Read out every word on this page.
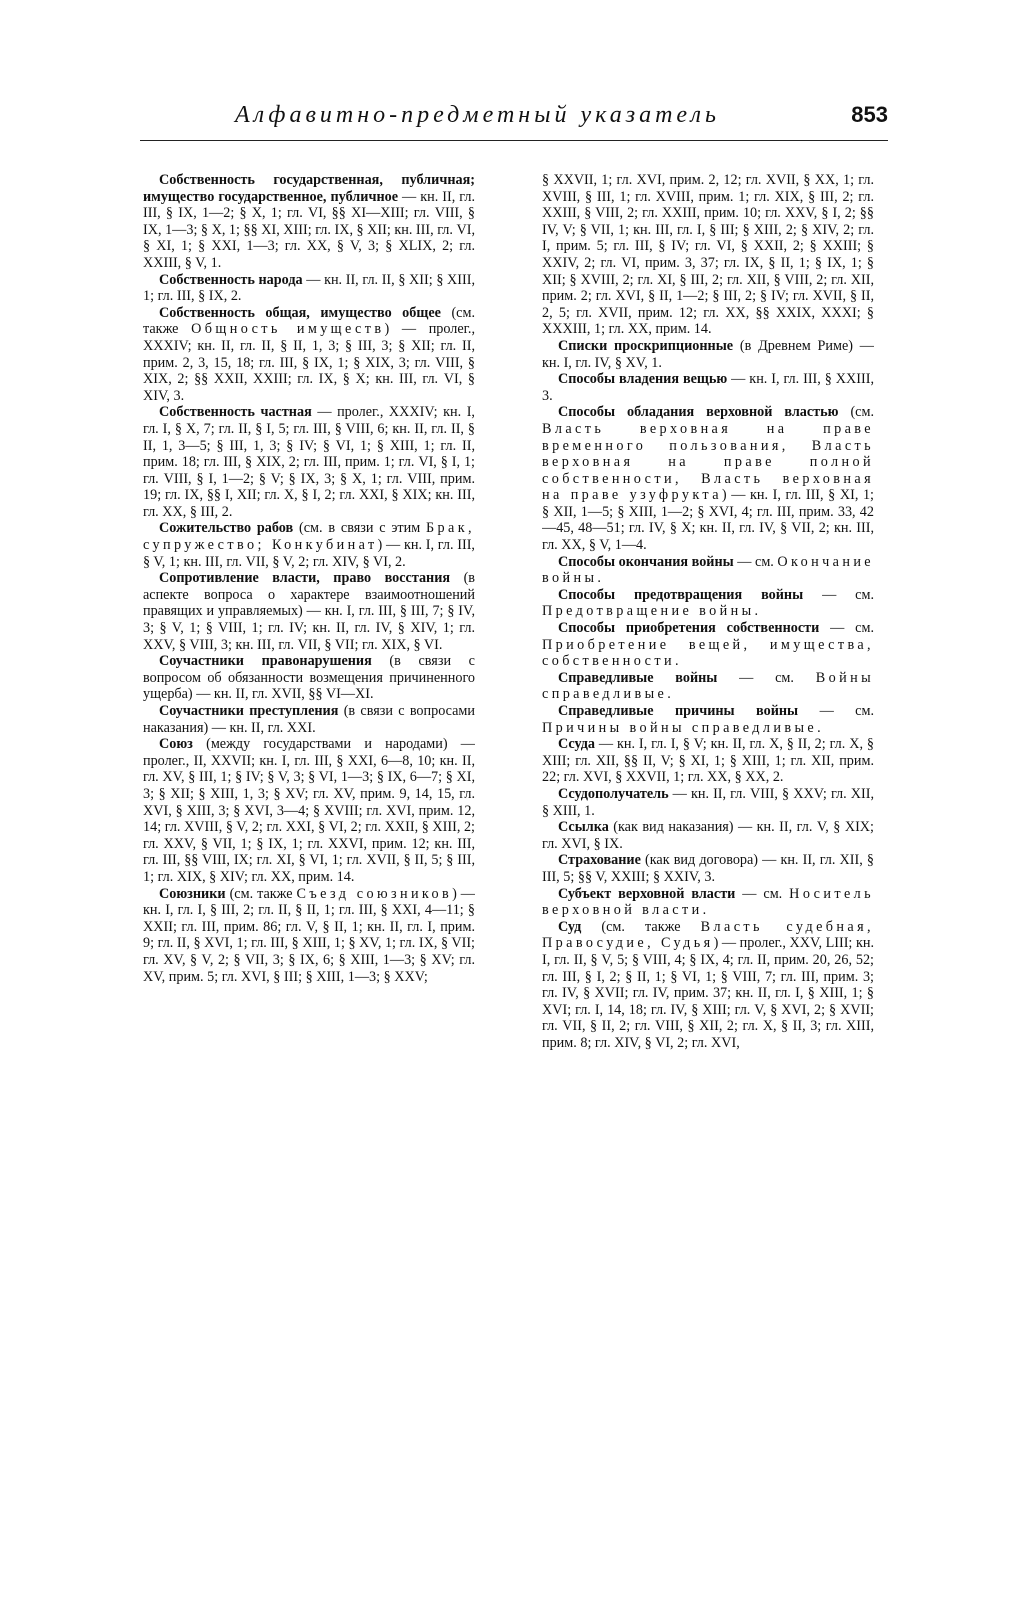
Алфавитно-предметный указатель	853

Собственность государственная, публичная; имущество государственное, публичное — кн. II, гл. III, § IX, 1—2; § X, 1; гл. VI, §§ XI—XIII; гл. VIII, § IX, 1—3; § X, 1; §§ XI, XIII; гл. IX, § XII; кн. III, гл. VI, § XI, 1; § XXI, 1—3; гл. XX, § V, 3; § XLIX, 2; гл. XXIII, § V, 1.

Собственность народа — кн. II, гл. II, § XII; § XIII, 1; гл. III, § IX, 2.

Собственность общая, имущество общее (см. также Общность имуществ) — пролег., XXXIV; кн. II, гл. II, § II, 1, 3; § III, 3; § XII; гл. II, прим. 2, 3, 15, 18; гл. III, § IX, 1; § XIX, 3; гл. VIII, § XIX, 2; §§ XXII, XXIII; гл. IX, § X; кн. III, гл. VI, § XIV, 3.

Собственность частная — пролег., XXXIV; кн. I, гл. I, § X, 7; гл. II, § I, 5; гл. III, § VIII, 6; кн. II, гл. II, § II, 1, 3—5; § III, 1, 3; § IV; § VI, 1; § XIII, 1; гл. II, прим. 18; гл. III, § XIX, 2; гл. III, прим. 1; гл. VI, § I, 1; гл. VIII, § I, 1—2; § V; § IX, 3; § X, 1; гл. VIII, прим. 19; гл. IX, §§ I, XII; гл. X, § I, 2; гл. XXI, § XIX; кн. III, гл. XX, § III, 2.

Сожительство рабов (см. в связи с этим Брак, супружество; Конкубинат) — кн. I, гл. III, § V, 1; кн. III, гл. VII, § V, 2; гл. XIV, § VI, 2.

Сопротивление власти, право восстания (в аспекте вопроса о характере взаимоотношений правящих и управляемых) — кн. I, гл. III, § III, 7; § IV, 3; § V, 1; § VIII, 1; гл. IV; кн. II, гл. IV, § XIV, 1; гл. XXV, § VIII, 3; кн. III, гл. VII, § VII; гл. XIX, § VI.

Соучастники правонарушения (в связи с вопросом об обязанности возмещения причиненного ущерба) — кн. II, гл. XVII, §§ VI—XI.

Соучастники преступления (в связи с вопросами наказания) — кн. II, гл. XXI.

Союз (между государствами и народами) — пролег., II, XXVII; кн. I, гл. III, § XXI, 6—8, 10; кн. II, гл. XV, § III, 1; § IV; § V, 3; § VI, 1—3; § IX, 6—7; § XI, 3; § XII; § XIII, 1, 3; § XV; гл. XV, прим. 9, 14, 15, гл. XVI, § XIII, 3; § XVI, 3—4; § XVIII; гл. XVI, прим. 12, 14; гл. XVIII, § V, 2; гл. XXI, § VI, 2; гл. XXII, § XIII, 2; гл. XXV, § VII, 1; § IX, 1; гл. XXVI, прим. 12; кн. III, гл. III, §§ VIII, IX; гл. XI, § VI, 1; гл. XVII, § II, 5; § III, 1; гл. XIX, § XIV; гл. XX, прим. 14.

Союзники (см. также Съезд союзников) — кн. I, гл. I, § III, 2; гл. II, § II, 1; гл. III, § XXI, 4—11; § XXII; гл. III, прим. 86; гл. V, § II, 1; кн. II, гл. I, прим. 9; гл. II, § XVI, 1; гл. III, § XIII, 1; § XV, 1; гл. IX, § VII; гл. XV, § V, 2; § VII, 3; § IX, 6; § XIII, 1—3; § XV; гл. XV, прим. 5; гл. XVI, § III; § XIII, 1—3; § XXV;

§ XXVII, 1; гл. XVI, прим. 2, 12; гл. XVII, § XX, 1; гл. XVIII, § III, 1; гл. XVIII, прим. 1; гл. XIX, § III, 2; гл. XXIII, § VIII, 2; гл. XXIII, прим. 10; гл. XXV, § I, 2; §§ IV, V; § VII, 1; кн. III, гл. I, § III; § XIII, 2; § XIV, 2; гл. I, прим. 5; гл. III, § IV; гл. VI, § XXII, 2; § XXIII; § XXIV, 2; гл. VI, прим. 3, 37; гл. IX, § II, 1; § IX, 1; § XII; § XVIII, 2; гл. XI, § III, 2; гл. XII, § VIII, 2; гл. XII, прим. 2; гл. XVI, § II, 1—2; § III, 2; § IV; гл. XVII, § II, 2, 5; гл. XVII, прим. 12; гл. XX, §§ XXIX, XXXI; § XXXIII, 1; гл. XX, прим. 14.

Списки проскрипционные (в Древнем Риме) — кн. I, гл. IV, § XV, 1.

Способы владения вещью — кн. I, гл. III, § XXIII, 3.

Способы обладания верховной властью (см. Власть верховная на праве временного пользования, Власть верховная на праве полной собственности, Власть верховная на праве узуфрукта) — кн. I, гл. III, § XI, 1; § XII, 1—5; § XIII, 1—2; § XVI, 4; гл. III, прим. 33, 42—45, 48—51; гл. IV, § X; кн. II, гл. IV, § VII, 2; кн. III, гл. XX, § V, 1—4.

Способы окончания войны — см. Окончание войны.

Способы предотвращения войны — см. Предотвращение войны.

Способы приобретения собственности — см. Приобретение вещей, имущества, собственности.

Справедливые войны — см. Войны справедливые.

Справедливые причины войны — см. Причины войны справедливые.

Ссуда — кн. I, гл. I, § V; кн. II, гл. X, § II, 2; гл. X, § XIII; гл. XII, §§ II, V; § XI, 1; § XIII, 1; гл. XII, прим. 22; гл. XVI, § XXVII, 1; гл. XX, § XX, 2.

Ссудополучатель — кн. II, гл. VIII, § XXV; гл. XII, § XIII, 1.

Ссылка (как вид наказания) — кн. II, гл. V, § XIX; гл. XVI, § IX.

Страхование (как вид договора) — кн. II, гл. XII, § III, 5; §§ V, XXIII; § XXIV, 3.

Субъект верховной власти — см. Носитель верховной власти.

Суд (см. также Власть судебная, Правосудие, Судья) — пролег., XXV, LIII; кн. I, гл. II, § V, 5; § VIII, 4; § IX, 4; гл. II, прим. 20, 26, 52; гл. III, § I, 2; § II, 1; § VI, 1; § VIII, 7; гл. III, прим. 3; гл. IV, § XVII; гл. IV, прим. 37; кн. II, гл. I, § XIII, 1; § XVI; гл. I, 14, 18; гл. IV, § XIII; гл. V, § XVI, 2; § XVII; гл. VII, § II, 2; гл. VIII, § XII, 2; гл. X, § II, 3; гл. XIII, прим. 8; гл. XIV, § VI, 2; гл. XVI,
